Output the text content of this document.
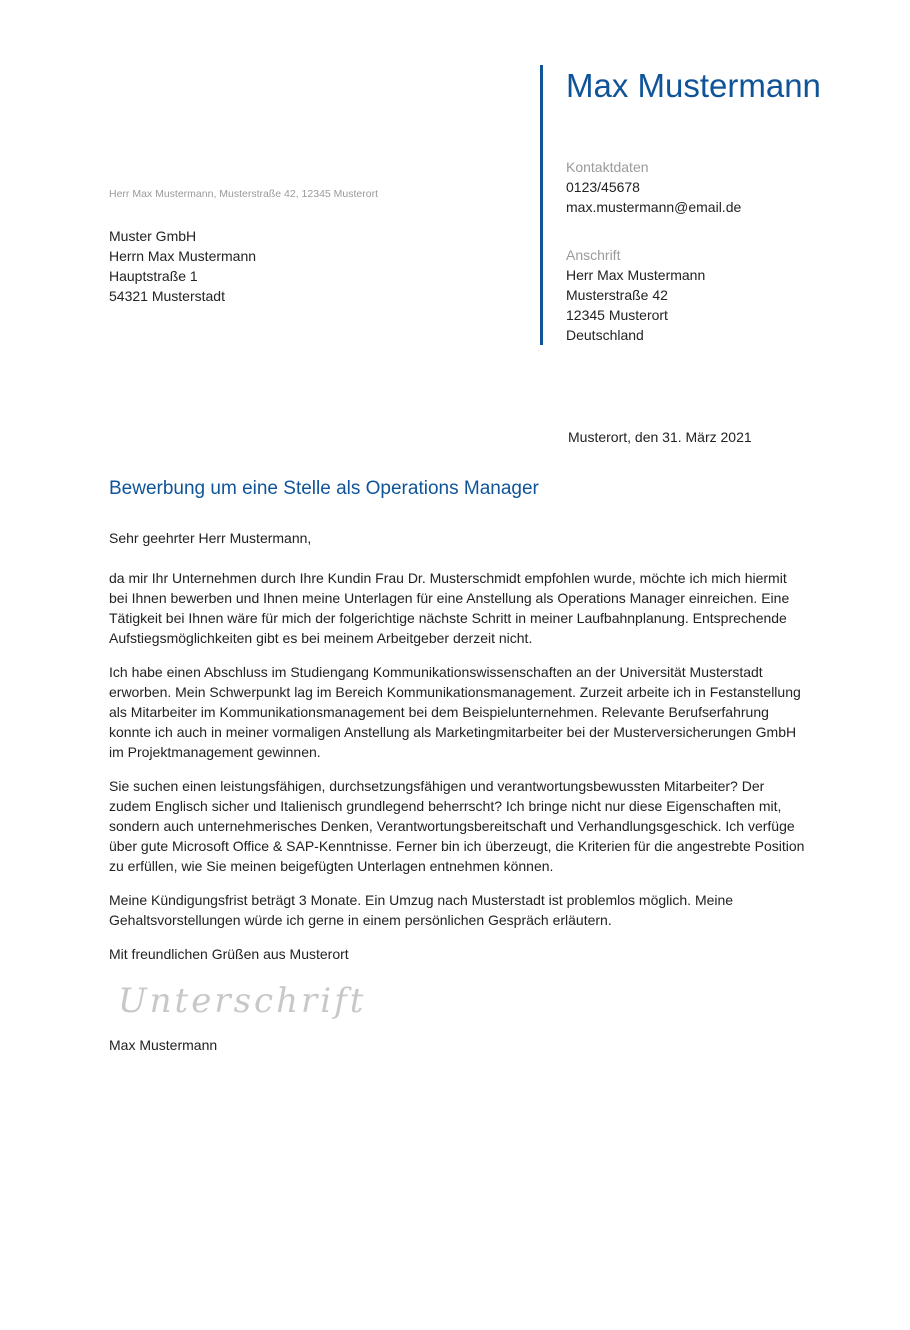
Max Mustermann
Kontaktdaten
0123/45678
max.mustermann@email.de
Anschrift
Herr Max Mustermann
Musterstraße 42
12345 Musterort
Deutschland
Herr Max Mustermann, Musterstraße 42, 12345 Musterort
Muster GmbH
Herrn Max Mustermann
Hauptstraße 1
54321 Musterstadt
Musterort, den 31. März 2021
Bewerbung um eine Stelle als Operations Manager
Sehr geehrter Herr Mustermann,
da mir Ihr Unternehmen durch Ihre Kundin Frau Dr. Musterschmidt empfohlen wurde, möchte ich mich hiermit
bei Ihnen bewerben und Ihnen meine Unterlagen für eine Anstellung als Operations Manager einreichen. Eine
Tätigkeit bei Ihnen wäre für mich der folgerichtige nächste Schritt in meiner Laufbahnplanung. Entsprechende
Aufstiegsmöglichkeiten gibt es bei meinem Arbeitgeber derzeit nicht.
Ich habe einen Abschluss im Studiengang Kommunikationswissenschaften an der Universität Musterstadt
erworben. Mein Schwerpunkt lag im Bereich Kommunikationsmanagement. Zurzeit arbeite ich in Festanstellung
als Mitarbeiter im Kommunikationsmanagement bei dem Beispielunternehmen. Relevante Berufserfahrung
konnte ich auch in meiner vormaligen Anstellung als Marketingmitarbeiter bei der Musterversicherungen GmbH
im Projektmanagement gewinnen.
Sie suchen einen leistungsfähigen, durchsetzungsfähigen und verantwortungsbewussten Mitarbeiter? Der
zudem Englisch sicher und Italienisch grundlegend beherrscht? Ich bringe nicht nur diese Eigenschaften mit,
sondern auch unternehmerisches Denken, Verantwortungsbereitschaft und Verhandlungsgeschick. Ich verfüge
über gute Microsoft Office & SAP-Kenntnisse. Ferner bin ich überzeugt, die Kriterien für die angestrebte Position
zu erfüllen, wie Sie meinen beigefügten Unterlagen entnehmen können.
Meine Kündigungsfrist beträgt 3 Monate. Ein Umzug nach Musterstadt ist problemlos möglich. Meine
Gehaltsvorstellungen würde ich gerne in einem persönlichen Gespräch erläutern.
Mit freundlichen Grüßen aus Musterort
Unterschrift
Max Mustermann
